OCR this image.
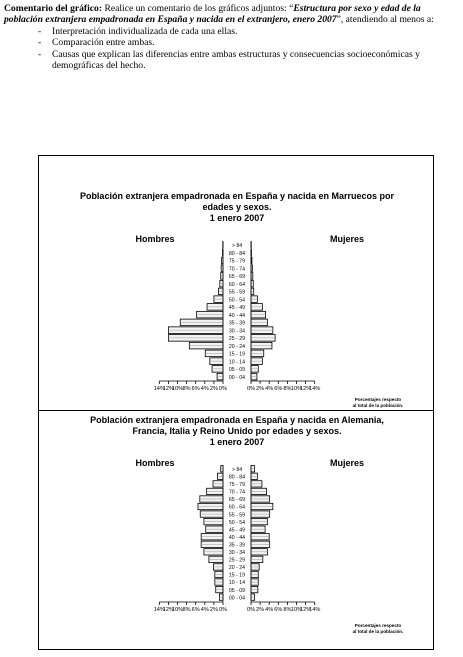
Comentario del gráfico: Realice un comentario de los gráficos adjuntos: “Estructura por sexo y edad de la población extranjera empadronada en España y nacida en el extranjero, enero 2007”, atendiendo al menos a:

- Interpretación individualizada de cada una ellas.
- Comparación entre ambas.
- Causas que explican las diferencias entre ambas estructuras y consecuencias socioeconómicas y demográficas del hecho.
Población extranjera empadronada en España y nacida en Marruecos por
edades y sexos.
1 enero 2007
Hombres	Mujeres
> 84
80 - 84
75 - 79
70 - 74
65 - 69
60 - 64
55 - 59
50 - 54
45 - 49
40 - 44
35 - 39
30 - 34
25 - 29
20 - 24
15 - 19
10 - 14
05 - 09
00 - 04
14%
12%
10% 8% 6% 4% 2% 0%	0% 2% 4% 6% 8% 10%
12%
14%
Porcentajes respecto
al total de la población.
Población extranjera empadronada en España y nacida en Alemania,
Francia, Italia y Reino Unido por edades y sexos.
1 enero 2007
Hombres	Mujeres
> 84
80 - 84
75 - 79
70 - 74
65 - 69
60 - 64
55 - 59
50 - 54
45 - 49
40 - 44
35 - 39
30 - 34
25 - 29
20 - 24
15 - 19
10 - 14
05 - 09
00 - 04
14%
12%
10% 8% 6% 4% 2% 0%	0% 2% 4% 6% 8% 10%
12%
14%
Porcentajes respecto
al total de la población.
